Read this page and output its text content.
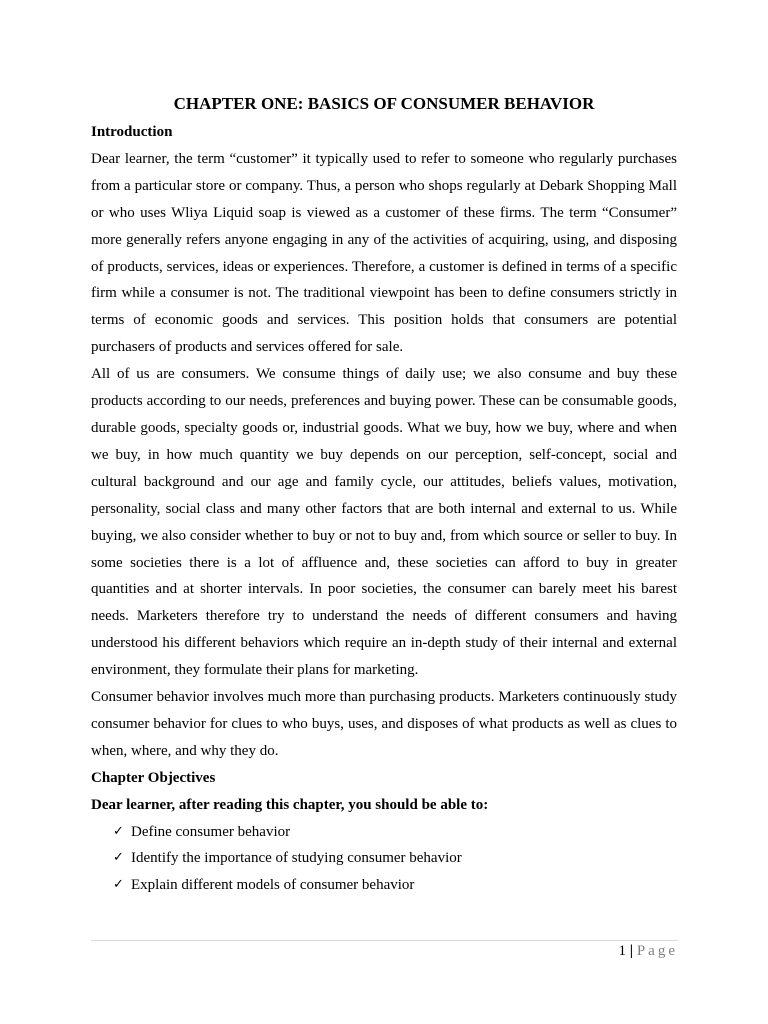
CHAPTER ONE: BASICS OF CONSUMER BEHAVIOR
Introduction

Dear learner, the term “customer” it typically used to refer to someone who regularly purchases from a particular store or company. Thus, a person who shops regularly at Debark Shopping Mall or who uses Wliya Liquid soap is viewed as a customer of these firms. The term “Consumer” more generally refers anyone engaging in any of the activities of acquiring, using, and disposing of products, services, ideas or experiences. Therefore, a customer is defined in terms of a specific firm while a consumer is not. The traditional viewpoint has been to define consumers strictly in terms of economic goods and services. This position holds that consumers are potential purchasers of products and services offered for sale.

All of us are consumers. We consume things of daily use; we also consume and buy these products according to our needs, preferences and buying power. These can be consumable goods, durable goods, specialty goods or, industrial goods. What we buy, how we buy, where and when we buy, in how much quantity we buy depends on our perception, self-concept, social and cultural background and our age and family cycle, our attitudes, beliefs values, motivation, personality, social class and many other factors that are both internal and external to us. While buying, we also consider whether to buy or not to buy and, from which source or seller to buy. In some societies there is a lot of affluence and, these societies can afford to buy in greater quantities and at shorter intervals. In poor societies, the consumer can barely meet his barest needs. Marketers therefore try to understand the needs of different consumers and having understood his different behaviors which require an in-depth study of their internal and external environment, they formulate their plans for marketing.

Consumer behavior involves much more than purchasing products. Marketers continuously study consumer behavior for clues to who buys, uses, and disposes of what products as well as clues to when, where, and why they do.

Chapter Objectives

Dear learner, after reading this chapter, you should be able to:

✓ Define consumer behavior
✓ Identify the importance of studying consumer behavior
✓ Explain different models of consumer behavior
1 | Page
